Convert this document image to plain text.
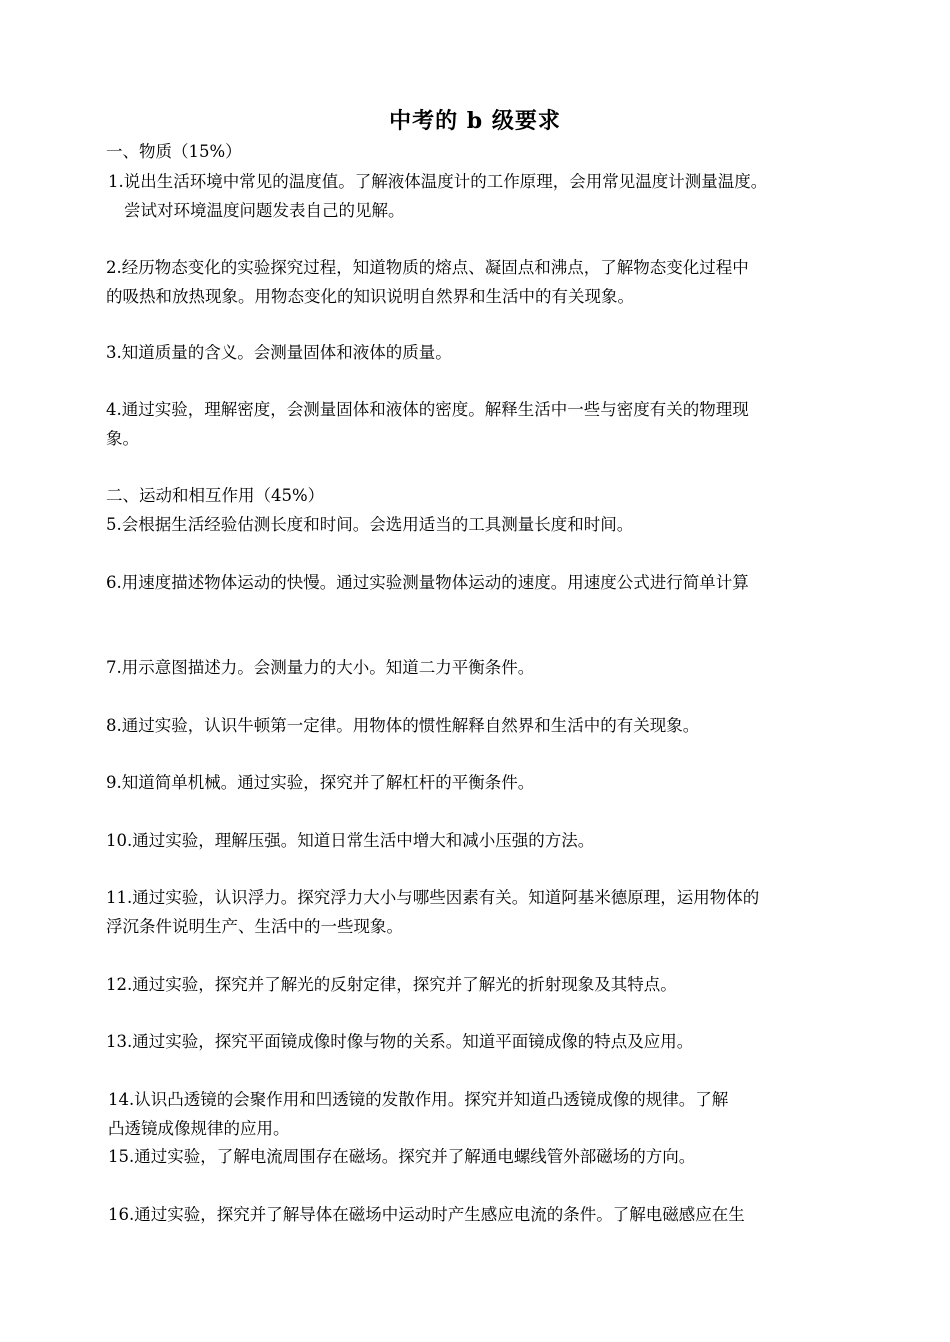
中考的 b 级要求
一、物质（15%）
1.说出生活环境中常见的温度值。了解液体温度计的工作原理，会用常见温度计测量温度。
尝试对环境温度问题发表自己的见解。
2.经历物态变化的实验探究过程，知道物质的熔点、凝固点和沸点，了解物态变化过程中
的吸热和放热现象。用物态变化的知识说明自然界和生活中的有关现象。
3.知道质量的含义。会测量固体和液体的质量。
4.通过实验，理解密度，会测量固体和液体的密度。解释生活中一些与密度有关的物理现
象。
二、运动和相互作用（45%）
5.会根据生活经验估测长度和时间。会选用适当的工具测量长度和时间。
6.用速度描述物体运动的快慢。通过实验测量物体运动的速度。用速度公式进行简单计算
7.用示意图描述力。会测量力的大小。知道二力平衡条件。
8.通过实验，认识牛顿第一定律。用物体的惯性解释自然界和生活中的有关现象。
9.知道简单机械。通过实验，探究并了解杠杆的平衡条件。
10.通过实验，理解压强。知道日常生活中增大和减小压强的方法。
11.通过实验，认识浮力。探究浮力大小与哪些因素有关。知道阿基米德原理，运用物体的
浮沉条件说明生产、生活中的一些现象。
12.通过实验，探究并了解光的反射定律，探究并了解光的折射现象及其特点。
13.通过实验，探究平面镜成像时像与物的关系。知道平面镜成像的特点及应用。
14.认识凸透镜的会聚作用和凹透镜的发散作用。探究并知道凸透镜成像的规律。了解
凸透镜成像规律的应用。
15.通过实验，了解电流周围存在磁场。探究并了解通电螺线管外部磁场的方向。
16.通过实验，探究并了解导体在磁场中运动时产生感应电流的条件。了解电磁感应在生
